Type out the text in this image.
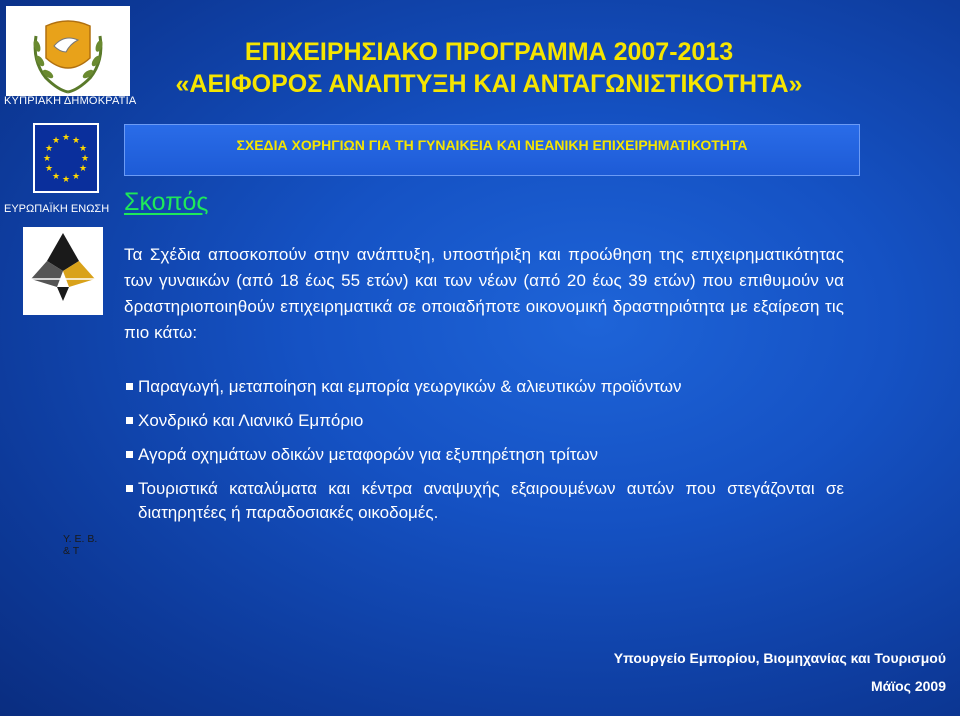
ΚΥΠΡΙΑΚΗ ΔΗΜΟΚΡΑΤΙΑ
★ ★
★
★
★
★
★
★
★
★
★
★
ΕΥΡΩΠΑΪΚΗ ΕΝΩΣΗ
Υ. Ε. Β. & Τ
ΕΠΙΧΕΙΡΗΣΙΑΚΟ ΠΡΟΓΡΑΜΜΑ 2007-2013
«ΑΕΙΦΟΡΟΣ ΑΝΑΠΤΥΞΗ ΚΑΙ ΑΝΤΑΓΩΝΙΣΤΙΚΟΤΗΤΑ»
ΣΧΕΔΙΑ ΧΟΡΗΓΙΩΝ ΓΙΑ ΤΗ ΓΥΝΑΙΚΕΙΑ ΚΑΙ ΝΕΑΝΙΚΗ ΕΠΙΧΕΙΡΗΜΑΤΙΚΟΤΗΤΑ
Σκοπός
Τα Σχέδια αποσκοπούν στην ανάπτυξη, υποστήριξη και προώθηση της επιχειρηματικότητας των γυναικών (από 18 έως 55 ετών) και των νέων (από 20 έως 39 ετών) που επιθυμούν να δραστηριοποιηθούν επιχειρηματικά σε οποιαδήποτε οικονομική δραστηριότητα με εξαίρεση τις πιο κάτω:
Παραγωγή, μεταποίηση και εμπορία γεωργικών & αλιευτικών προϊόντων
Χονδρικό και Λιανικό Εμπόριο
Αγορά οχημάτων οδικών μεταφορών για εξυπηρέτηση τρίτων
Τουριστικά καταλύματα και κέντρα αναψυχής εξαιρουμένων αυτών που στεγάζονται σε διατηρητέες ή παραδοσιακές οικοδομές.
Υπουργείο Εμπορίου, Βιομηχανίας και Τουρισμού
Μάϊος 2009
